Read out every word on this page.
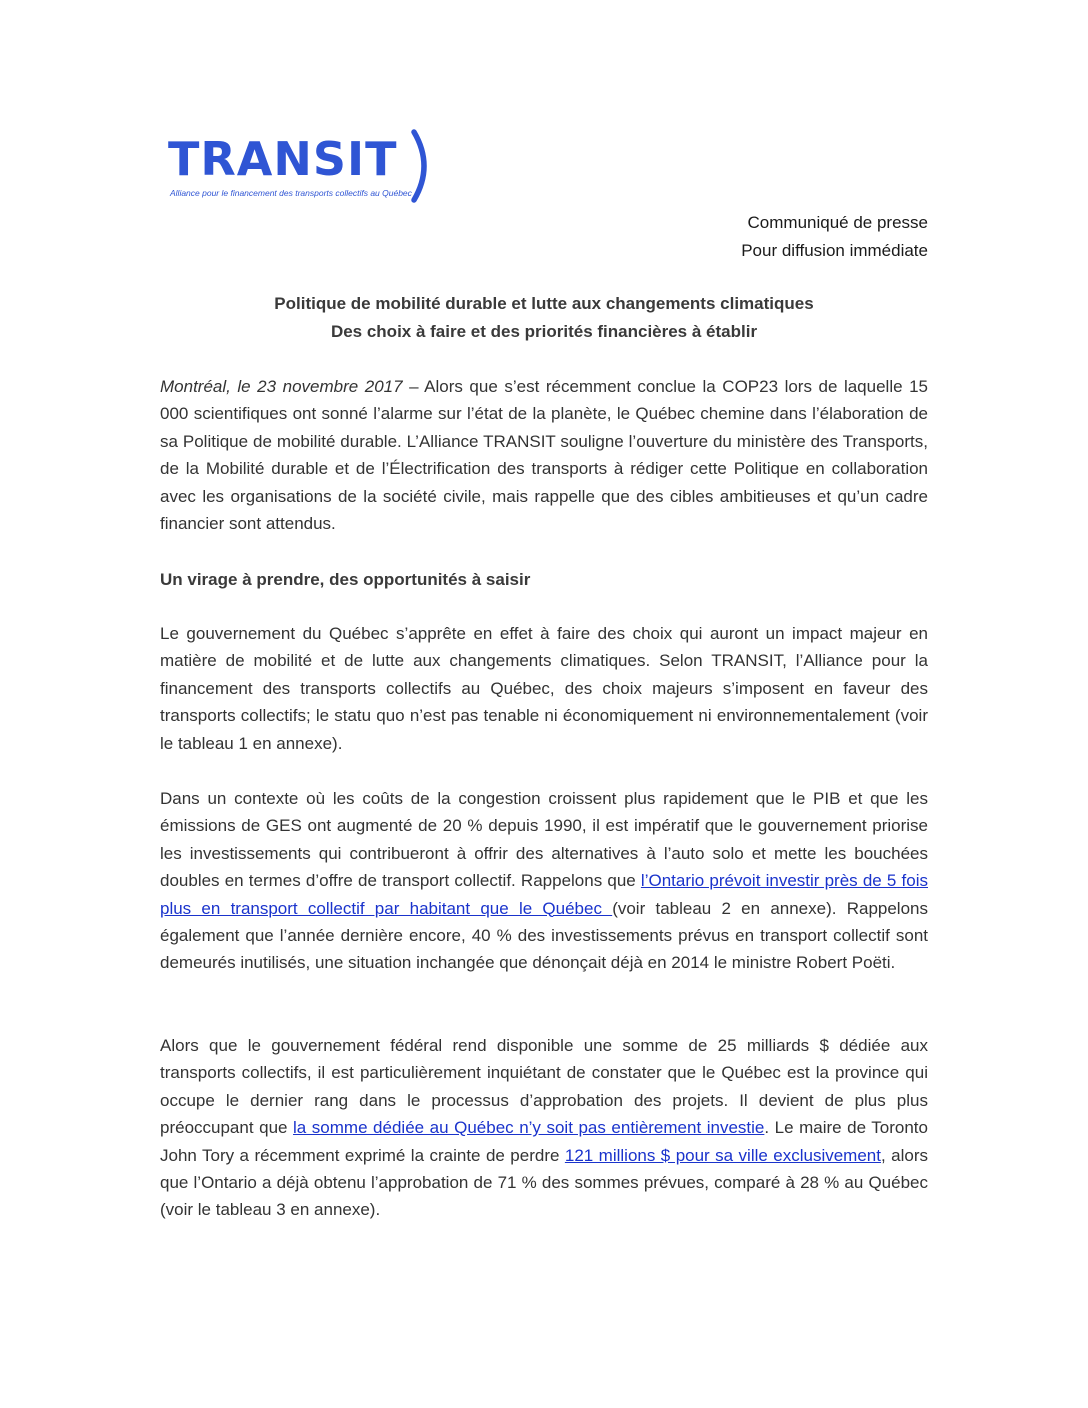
TRANSIT
Alliance pour le financement des transports collectifs au Québec
Communiqué de presse
Pour diffusion immédiate
Politique de mobilité durable et lutte aux changements climatiques
Des choix à faire et des priorités financières à établir

Montréal, le 23 novembre 2017 – Alors que s’est récemment conclue la COP23 lors de laquelle 15 000 scientifiques ont sonné l’alarme sur l’état de la planète, le Québec chemine dans l’élaboration de sa Politique de mobilité durable. L’Alliance TRANSIT souligne l’ouverture du ministère des Transports, de la Mobilité durable et de l’Électrification des transports à rédiger cette Politique en collaboration avec les organisations de la société civile, mais rappelle que des cibles ambitieuses et qu’un cadre financier sont attendus.

Un virage à prendre, des opportunités à saisir

Le gouvernement du Québec s’apprête en effet à faire des choix qui auront un impact majeur en matière de mobilité et de lutte aux changements climatiques. Selon TRANSIT, l’Alliance pour la financement des transports collectifs au Québec, des choix majeurs s’imposent en faveur des transports collectifs; le statu quo n’est pas tenable ni économiquement ni environnementalement (voir le tableau 1 en annexe).

Dans un contexte où les coûts de la congestion croissent plus rapidement que le PIB et que les émissions de GES ont augmenté de 20 % depuis 1990, il est impératif que le gouvernement priorise les investissements qui contribueront à offrir des alternatives à l’auto solo et mette les bouchées doubles en termes d’offre de transport collectif. Rappelons que l’Ontario prévoit investir près de 5 fois plus en transport collectif par habitant que le Québec (voir tableau 2 en annexe). Rappelons également que l’année dernière encore, 40 % des investissements prévus en transport collectif sont demeurés inutilisés, une situation inchangée que dénonçait déjà en 2014 le ministre Robert Poëti.

Alors que le gouvernement fédéral rend disponible une somme de 25 milliards $ dédiée aux transports collectifs, il est particulièrement inquiétant de constater que le Québec est la province qui occupe le dernier rang dans le processus d’approbation des projets. Il devient de plus plus préoccupant que la somme dédiée au Québec n’y soit pas entièrement investie. Le maire de Toronto John Tory a récemment exprimé la crainte de perdre 121 millions $ pour sa ville exclusivement, alors que l’Ontario a déjà obtenu l’approbation de 71 % des sommes prévues, comparé à 28 % au Québec (voir le tableau 3 en annexe).
